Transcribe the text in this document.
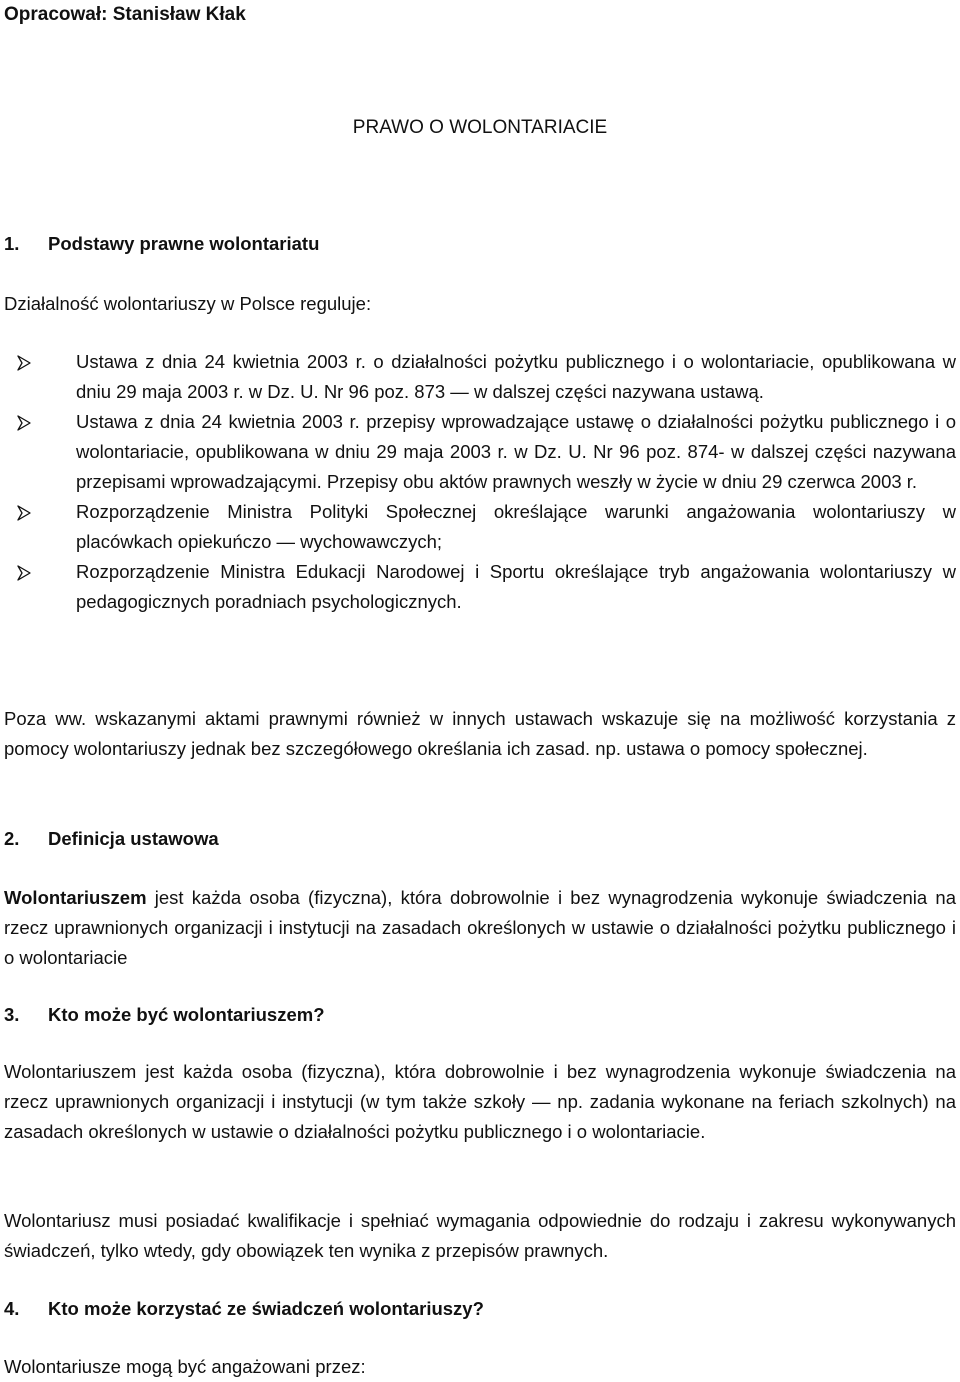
Opracował: Stanisław Kłak

PRAWO O WOLONTARIACIE
1. Podstawy prawne wolontariatu

Działalność wolontariuszy w Polsce reguluje:

Ustawa z dnia 24 kwietnia 2003 r. o działalności pożytku publicznego i o wolontariacie, opublikowana w dniu 29 maja 2003 r. w Dz. U. Nr 96 poz. 873 — w dalszej części nazywana ustawą.
Ustawa z dnia 24 kwietnia 2003 r. przepisy wprowadzające ustawę o działalności pożytku publicznego i o wolontariacie, opublikowana w dniu 29 maja 2003 r. w Dz. U. Nr 96 poz. 874- w dalszej części nazywana przepisami wprowadzającymi. Przepisy obu aktów prawnych weszły w życie w dniu 29 czerwca 2003 r.
Rozporządzenie Ministra Polityki Społecznej określające warunki angażowania wolontariuszy w placówkach opiekuńczo — wychowawczych;
Rozporządzenie Ministra Edukacji Narodowej i Sportu określające tryb angażowania wolontariuszy w pedagogicznych poradniach psychologicznych.

Poza ww. wskazanymi aktami prawnymi również w innych ustawach wskazuje się na możliwość korzystania z pomocy wolontariuszy jednak bez szczegółowego określania ich zasad. np. ustawa o pomocy społecznej.

2. Definicja ustawowa

Wolontariuszem jest każda osoba (fizyczna), która dobrowolnie i bez wynagrodzenia wykonuje świadczenia na rzecz uprawnionych organizacji i instytucji na zasadach określonych w ustawie o działalności pożytku publicznego i o wolontariacie

3. Kto może być wolontariuszem?

Wolontariuszem jest każda osoba (fizyczna), która dobrowolnie i bez wynagrodzenia wykonuje świadczenia na rzecz uprawnionych organizacji i instytucji (w tym także szkoły — np. zadania wykonane na feriach szkolnych) na zasadach określonych w ustawie o działalności pożytku publicznego i o wolontariacie.

Wolontariusz musi posiadać kwalifikacje i spełniać wymagania odpowiednie do rodzaju i zakresu wykonywanych świadczeń, tylko wtedy, gdy obowiązek ten wynika z przepisów prawnych.

4. Kto może korzystać ze świadczeń wolontariuszy?

Wolontariusze mogą być angażowani przez:
